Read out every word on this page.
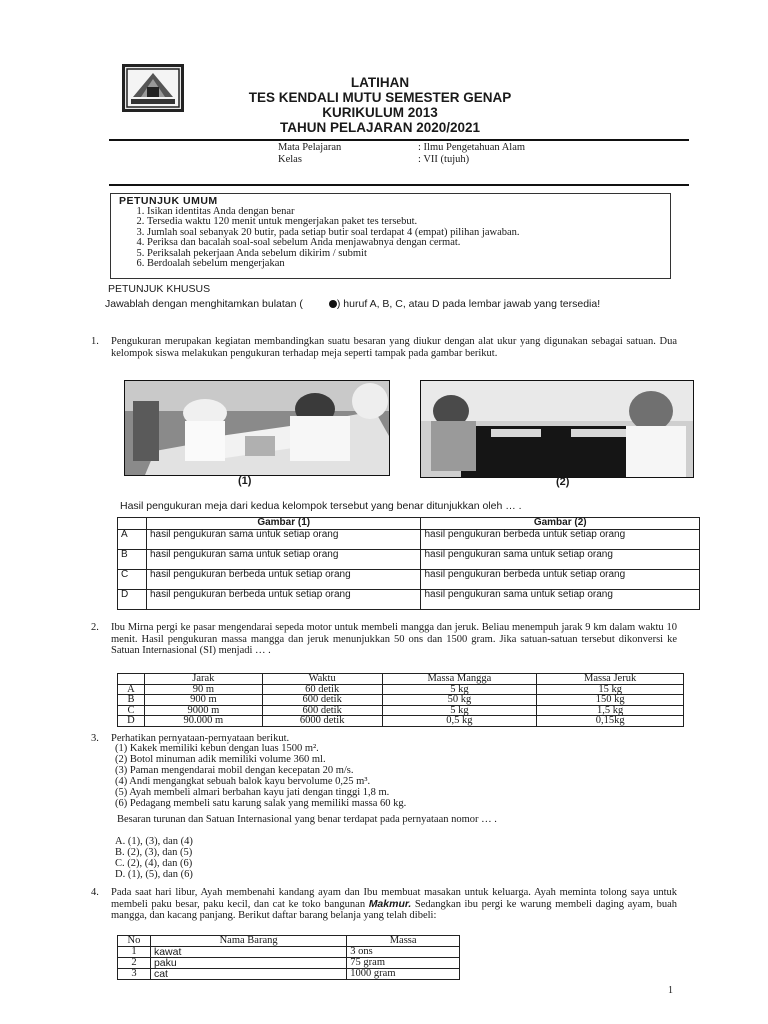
LATIHAN
TES KENDALI MUTU SEMESTER GENAP
KURIKULUM 2013
TAHUN PELAJARAN 2020/2021
Mata Pelajaran	: Ilmu Pengetahuan Alam
Kelas	: VII (tujuh)
PETUNJUK UMUM
1. Isikan identitas Anda dengan benar
2. Tersedia waktu 120 menit untuk mengerjakan paket tes tersebut.
3. Jumlah soal sebanyak 20 butir, pada setiap butir soal terdapat 4 (empat) pilihan jawaban.
4. Periksa dan bacalah soal-soal sebelum Anda menjawabnya dengan cermat.
5. Periksalah pekerjaan Anda sebelum dikirim / submit
6. Berdoalah sebelum mengerjakan
PETUNJUK KHUSUS
Jawablah dengan menghitamkan bulatan (	) huruf A, B, C, atau D pada lembar jawab yang tersedia!
1. Pengukuran merupakan kegiatan membandingkan suatu besaran yang diukur dengan alat ukur yang digunakan sebagai satuan. Dua kelompok siswa melakukan pengukuran terhadap meja seperti tampak pada gambar berikut.
(1)	(2)
Hasil pengukuran meja dari kedua kelompok tersebut yang benar ditunjukkan oleh … .
	Gambar (1)	Gambar (2)
A	hasil pengukuran sama untuk setiap orang	hasil pengukuran berbeda untuk setiap orang
B	hasil pengukuran sama untuk setiap orang	hasil pengukuran sama untuk setiap orang
C	hasil pengukuran berbeda untuk setiap orang	hasil pengukuran berbeda untuk setiap orang
D	hasil pengukuran berbeda untuk setiap orang	hasil pengukuran sama untuk setiap orang
2. Ibu Mirna pergi ke pasar mengendarai sepeda motor untuk membeli mangga dan jeruk. Beliau menempuh jarak 9 km dalam waktu 10 menit. Hasil pengukuran massa mangga dan jeruk menunjukkan 50 ons dan 1500 gram. Jika satuan-satuan tersebut dikonversi ke Satuan Internasional (SI) menjadi … .
	Jarak	Waktu	Massa Mangga	Massa Jeruk
A	90 m	60 detik	5 kg	15 kg
B	900 m	600 detik	50 kg	150 kg
C	9000 m	600 detik	5 kg	1,5 kg
D	90.000 m	6000 detik	0,5 kg	0,15kg
3. Perhatikan pernyataan-pernyataan berikut.
(1) Kakek memiliki kebun dengan luas 1500 m².
(2) Botol minuman adik memiliki volume 360 ml.
(3) Paman mengendarai mobil dengan kecepatan 20 m/s.
(4) Andi mengangkat sebuah balok kayu bervolume 0,25 m³.
(5) Ayah membeli almari berbahan kayu jati dengan tinggi 1,8 m.
(6) Pedagang membeli satu karung salak yang memiliki massa 60 kg.
Besaran turunan dan Satuan Internasional yang benar terdapat pada pernyataan nomor … .
A. (1), (3), dan (4)
B. (2), (3), dan (5)
C. (2), (4), dan (6)
D. (1), (5), dan (6)
4. Pada saat hari libur, Ayah membenahi kandang ayam dan Ibu membuat masakan untuk keluarga. Ayah meminta tolong saya untuk membeli paku besar, paku kecil, dan cat ke toko bangunan Makmur. Sedangkan ibu pergi ke warung membeli daging ayam, buah mangga, dan kacang panjang. Berikut daftar barang belanja yang telah dibeli:
No	Nama Barang	Massa
1	kawat	3 ons
2	paku	75 gram
3	cat	1000 gram
1
